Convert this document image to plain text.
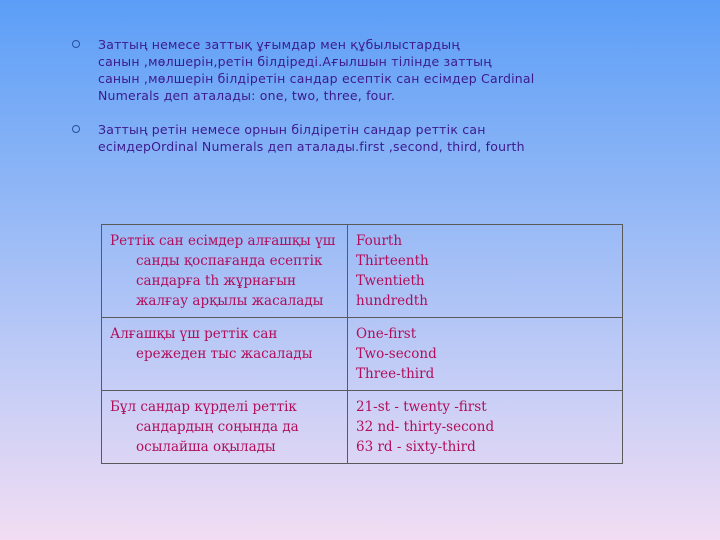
Заттың немесе заттық ұғымдар мен құбылыстардың
санын ,мөлшерін,ретін білдіреді.Ағылшын тілінде заттың
санын ,мөлшерін білдіретін сандар есептік сан есімдер Cardinal
Numerals деп аталады: one, two, three, four.
Заттың ретін немесе орнын білдіретін сандар реттік сан
есімдерOrdinal Numerals деп аталады.first ,second, third, fourth
Реттік сан есімдер алғашқы үш санды қоспағанда есептік сандарға th жұрнағын жалғау арқылы жасалады	Fourth
Thirteenth
Twentieth
hundredth

Алғашқы үш реттік сан ережеден тыс жасалады	One-first
Two-second
Three-third

Бұл сандар күрделі реттік сандардың соңында да осылайша оқылады	21-st - twenty -first
32 nd- thirty-second
63 rd - sixty-third
